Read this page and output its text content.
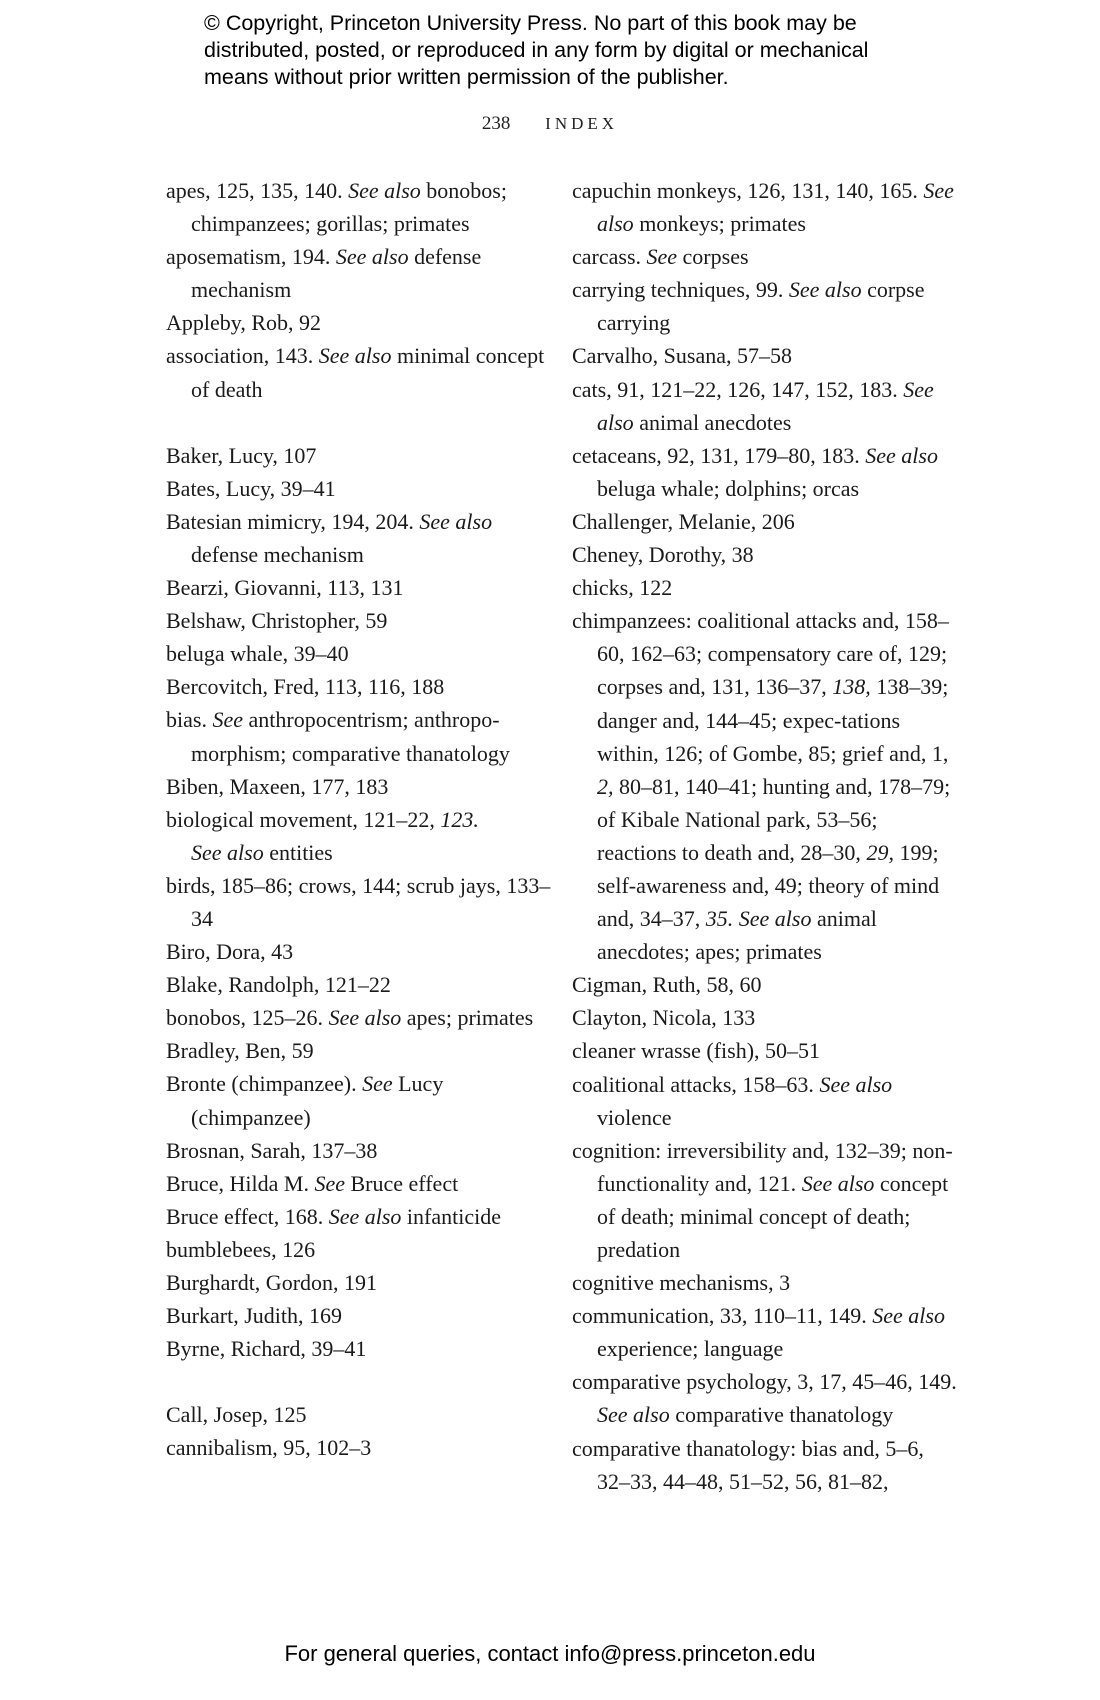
© Copyright, Princeton University Press. No part of this book may be
distributed, posted, or reproduced in any form by digital or mechanical
means without prior written permission of the publisher.
238 INDEX

apes, 125, 135, 140. See also bonobos; chimpanzees; gorillas; primates

aposematism, 194. See also defense mechanism

Appleby, Rob, 92

association, 143. See also minimal concept of death

Baker, Lucy, 107

Bates, Lucy, 39–41

Batesian mimicry, 194, 204. See also defense mechanism

Bearzi, Giovanni, 113, 131

Belshaw, Christopher, 59

beluga whale, 39–40

Bercovitch, Fred, 113, 116, 188

bias. See anthropocentrism; anthropo-morphism; comparative thanatology

Biben, Maxeen, 177, 183

biological movement, 121–22, 123.
See also entities

birds, 185–86; crows, 144; scrub jays, 133–34

Biro, Dora, 43

Blake, Randolph, 121–22

bonobos, 125–26. See also apes; primates

Bradley, Ben, 59

Bronte (chimpanzee). See Lucy (chimpanzee)

Brosnan, Sarah, 137–38

Bruce, Hilda M. See Bruce effect

Bruce effect, 168. See also infanticide

bumblebees, 126

Burghardt, Gordon, 191

Burkart, Judith, 169

Byrne, Richard, 39–41

Call, Josep, 125

cannibalism, 95, 102–3

capuchin monkeys, 126, 131, 140, 165. See also monkeys; primates

carcass. See corpses

carrying techniques, 99. See also corpse carrying

Carvalho, Susana, 57–58

cats, 91, 121–22, 126, 147, 152, 183. See also animal anecdotes

cetaceans, 92, 131, 179–80, 183. See also beluga whale; dolphins; orcas

Challenger, Melanie, 206

Cheney, Dorothy, 38

chicks, 122

chimpanzees: coalitional attacks and, 158–60, 162–63; compensatory care of, 129; corpses and, 131, 136–37, 138, 138–39; danger and, 144–45; expec-tations within, 126; of Gombe, 85; grief and, 1, 2, 80–81, 140–41; hunting and, 178–79; of Kibale National park, 53–56; reactions to death and, 28–30, 29, 199; self-awareness and, 49; theory of mind and, 34–37, 35. See also animal anecdotes; apes; primates

Cigman, Ruth, 58, 60

Clayton, Nicola, 133

cleaner wrasse (fish), 50–51

coalitional attacks, 158–63. See also violence

cognition: irreversibility and, 132–39; non-functionality and, 121. See also concept of death; minimal concept of death; predation

cognitive mechanisms, 3

communication, 33, 110–11, 149. See also experience; language

comparative psychology, 3, 17, 45–46, 149. See also comparative thanatology

comparative thanatology: bias and, 5–6, 32–33, 44–48, 51–52, 56, 81–82,

For general queries, contact info@press.princeton.edu
